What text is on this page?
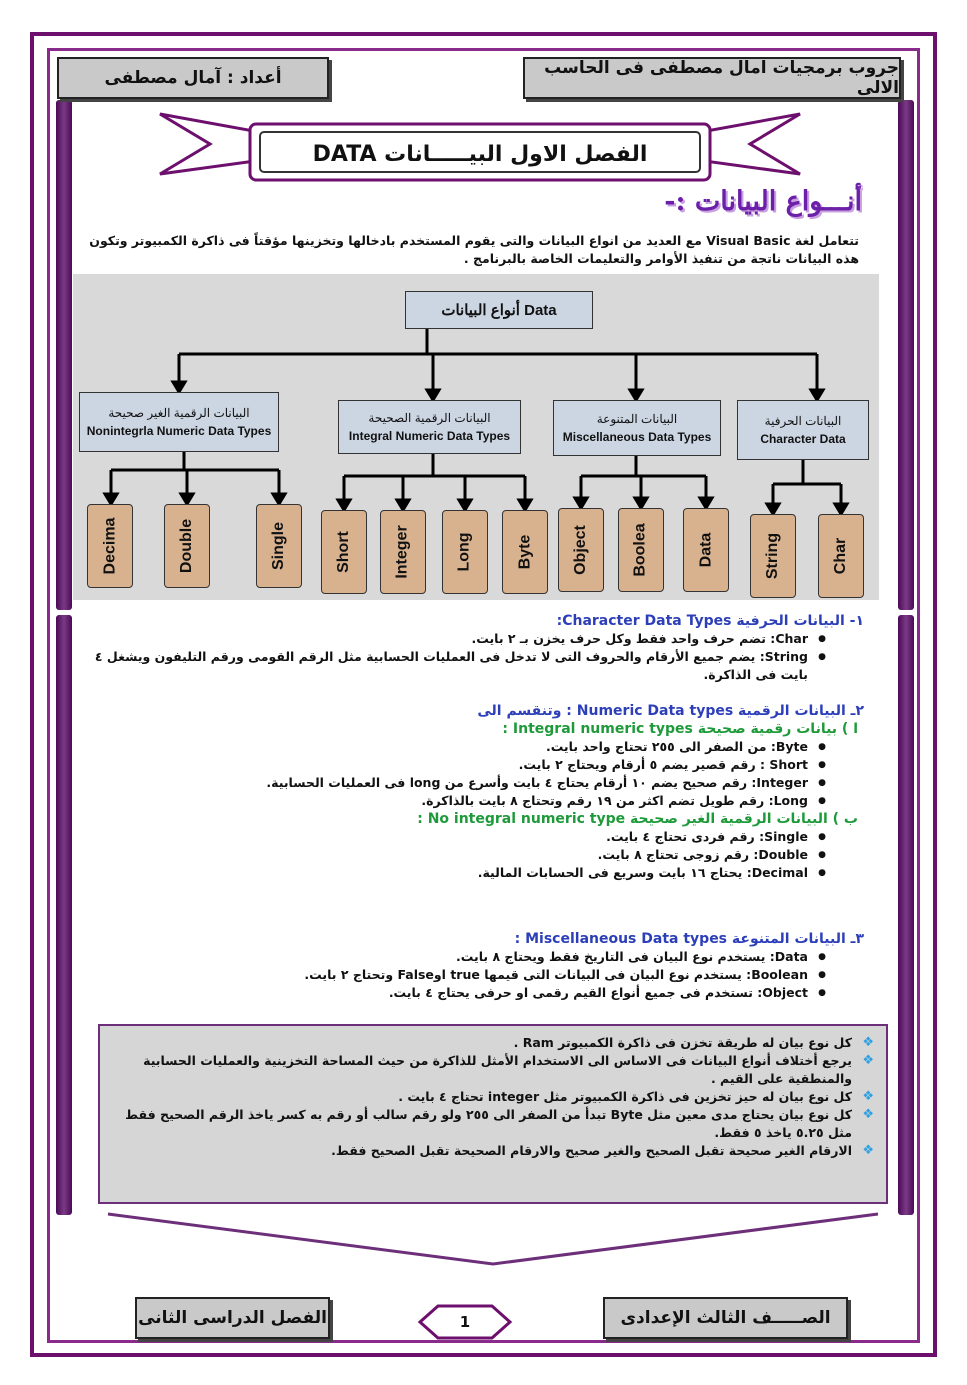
جروب برمجيات امال مصطفى فى الحاسب الالى
أعداد : آمال مصطفى
الفصل الاول البيـــــانات DATA
أنـــواع البيانات :-
تتعامل لغة Visual Basic مع العديد من انواع البيانات والتى يقوم المستخدم بادخالها وتخزينها مؤقتاً فى ذاكرة الكمبيوتر وتكون
هذه البيانات ناتجة من تنفيذ الأوامر والتعليمات الخاصة بالبرنامج .
أنواع البيانات Data
البيانات الرقمية الغير صحيحة
Nonintegrla Numeric Data Types
البيانات الرقمية الصحيحة
Integral Numeric Data Types
البيانات المتنوعة
Miscellaneous Data Types
البيانات الحرفية
Character Data
Decima	Double	Single	Short	Integer	Long	Byte Object	Boolea	Data	String	Char
١- البيانات الحرفية Character Data Types:
● Char: تضم حرف واحد فقط وكل حرف يخزن بـ ٢ بايت.
● String: يضم جميع الأرقام والحروف التى لا تدخل فى العمليات الحسابية مثل الرقم القومى ورقم التليفون ويشغل ٤ بايت فى الذاكرة.
٢ـ البيانات الرقمية Numeric Data types : وتنقسم الى
ا ) بيانات رقمية صحيحة Integral numeric types :
● Byte: من الصفر الى ٢٥٥ تحتاج واحد بايت.
● Short : رقم قصير يضم ٥ أرقام ويحتاج ٢ بايت.
● Integer: رقم صحيح يضم ١٠ أرقام يحتاج ٤ بايت وأسرع من long فى العمليات الحسابية.
● Long: رقم طويل تضم اكثر من ١٩ رقم وتحتاج ٨ بايت بالذاكرة.
ب ) البيانات الرقمية الغير صحيحة No integral numeric type :
● Single: رقم فردى تحتاج ٤ بايت.
● Double: رقم زوجى تحتاج ٨ بايت.
● Decimal: يحتاج ١٦ بايت وسريع فى الحسابات المالية.
٣ـ البيانات المتنوعة Miscellaneous Data types :
● Data: يستخدم نوع البيان فى التاريخ فقط ويحتاج ٨ بايت.
● Boolean: يستخدم نوع البيان فى البيانات التى قيمها true اوFalse وتحتاج ٢ بايت.
● Object: تستخدم فى جميع أنواع القيم رقمى او حرفى يحتاج ٤ بايت.
❖ كل نوع بيان له طريقة تخزن فى ذاكرة الكمبيوتر Ram .
❖ يرجع أختلاف أنواع البيانات فى الاساس الى الاستخدام الأمثل للذاكرة من حيث المساحة التخزينية والعمليات الحسابية والمنطقية على القيم .
❖ كل نوع بيان له حيز تخزين فى ذاكرة الكمبيوتر مثل integer تحتاج ٤ بايت .
❖ كل نوع بيان يحتاج مدى معين مثل Byte تبدأ من الصفر الى ٢٥٥ ولو رقم سالب أو رقم به كسر ياخذ الرقم الصحيح فقط مثل ٥.٢٥ ياخذ ٥ فقط.
❖ الارقام الغير صحيحة تقبل الصحيح والغير صحيح والارقام الصحيحة تقبل الصحيح فقط.
الفصل الدراسى الثانى	1	الصـــــف الثالث الإعدادى
